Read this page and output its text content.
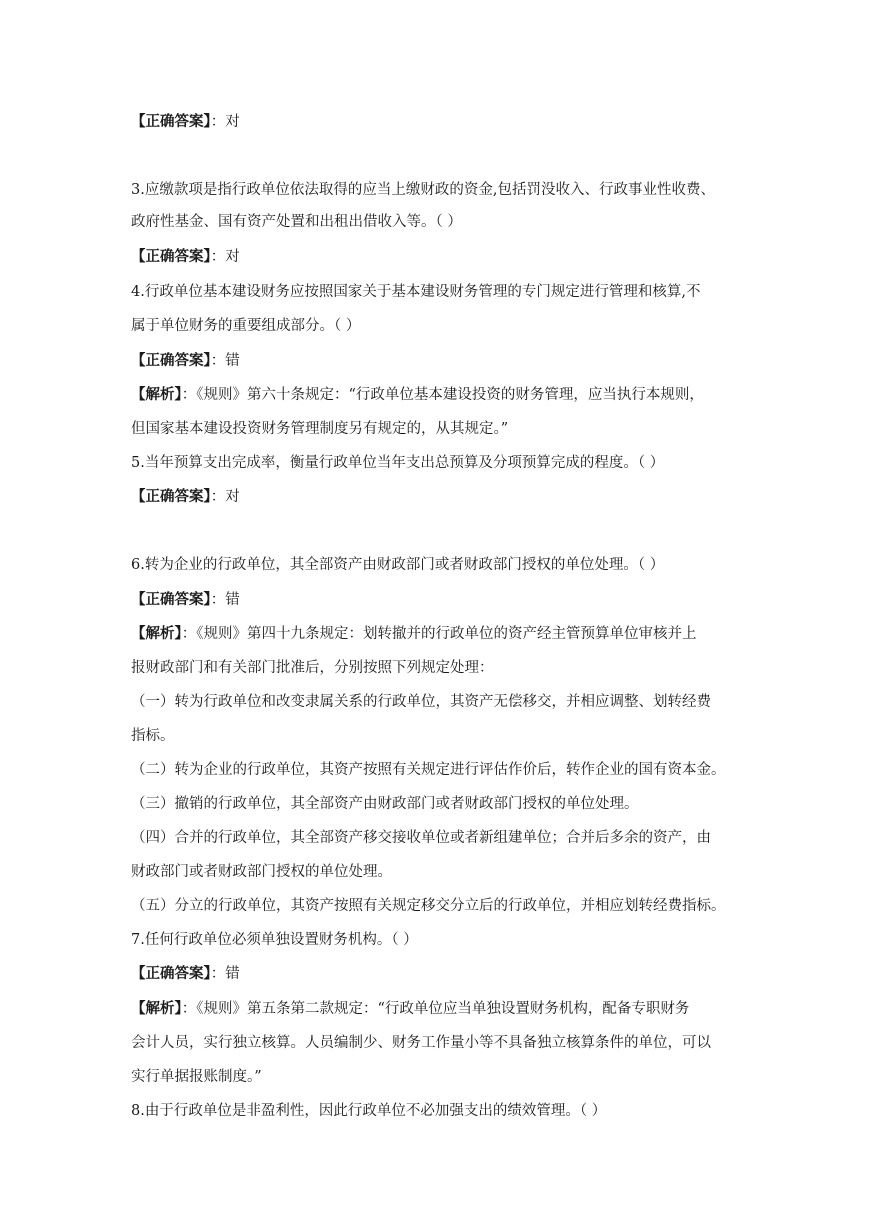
【正确答案】：对
3.应缴款项是指行政单位依法取得的应当上缴财政的资金,包括罚没收入、行政事业性收费、
政府性基金、国有资产处置和出租出借收入等。（ ）
【正确答案】：对
4.行政单位基本建设财务应按照国家关于基本建设财务管理的专门规定进行管理和核算,不
属于单位财务的重要组成部分。（ ）
【正确答案】：错
【解析】：《规则》第六十条规定：“行政单位基本建设投资的财务管理，应当执行本规则，
但国家基本建设投资财务管理制度另有规定的，从其规定。”
5.当年预算支出完成率，衡量行政单位当年支出总预算及分项预算完成的程度。（ ）
【正确答案】：对
6.转为企业的行政单位，其全部资产由财政部门或者财政部门授权的单位处理。（ ）
【正确答案】：错
【解析】：《规则》第四十九条规定：划转撤并的行政单位的资产经主管预算单位审核并上
报财政部门和有关部门批准后，分别按照下列规定处理：
（一）转为行政单位和改变隶属关系的行政单位，其资产无偿移交，并相应调整、划转经费
指标。
（二）转为企业的行政单位，其资产按照有关规定进行评估作价后，转作企业的国有资本金。
（三）撤销的行政单位，其全部资产由财政部门或者财政部门授权的单位处理。
（四）合并的行政单位，其全部资产移交接收单位或者新组建单位；合并后多余的资产，由
财政部门或者财政部门授权的单位处理。
（五）分立的行政单位，其资产按照有关规定移交分立后的行政单位，并相应划转经费指标。
7.任何行政单位必须单独设置财务机构。（ ）
【正确答案】：错
【解析】：《规则》第五条第二款规定：“行政单位应当单独设置财务机构，配备专职财务
会计人员，实行独立核算。人员编制少、财务工作量小等不具备独立核算条件的单位，可以
实行单据报账制度。”
8.由于行政单位是非盈利性，因此行政单位不必加强支出的绩效管理。（ ）
